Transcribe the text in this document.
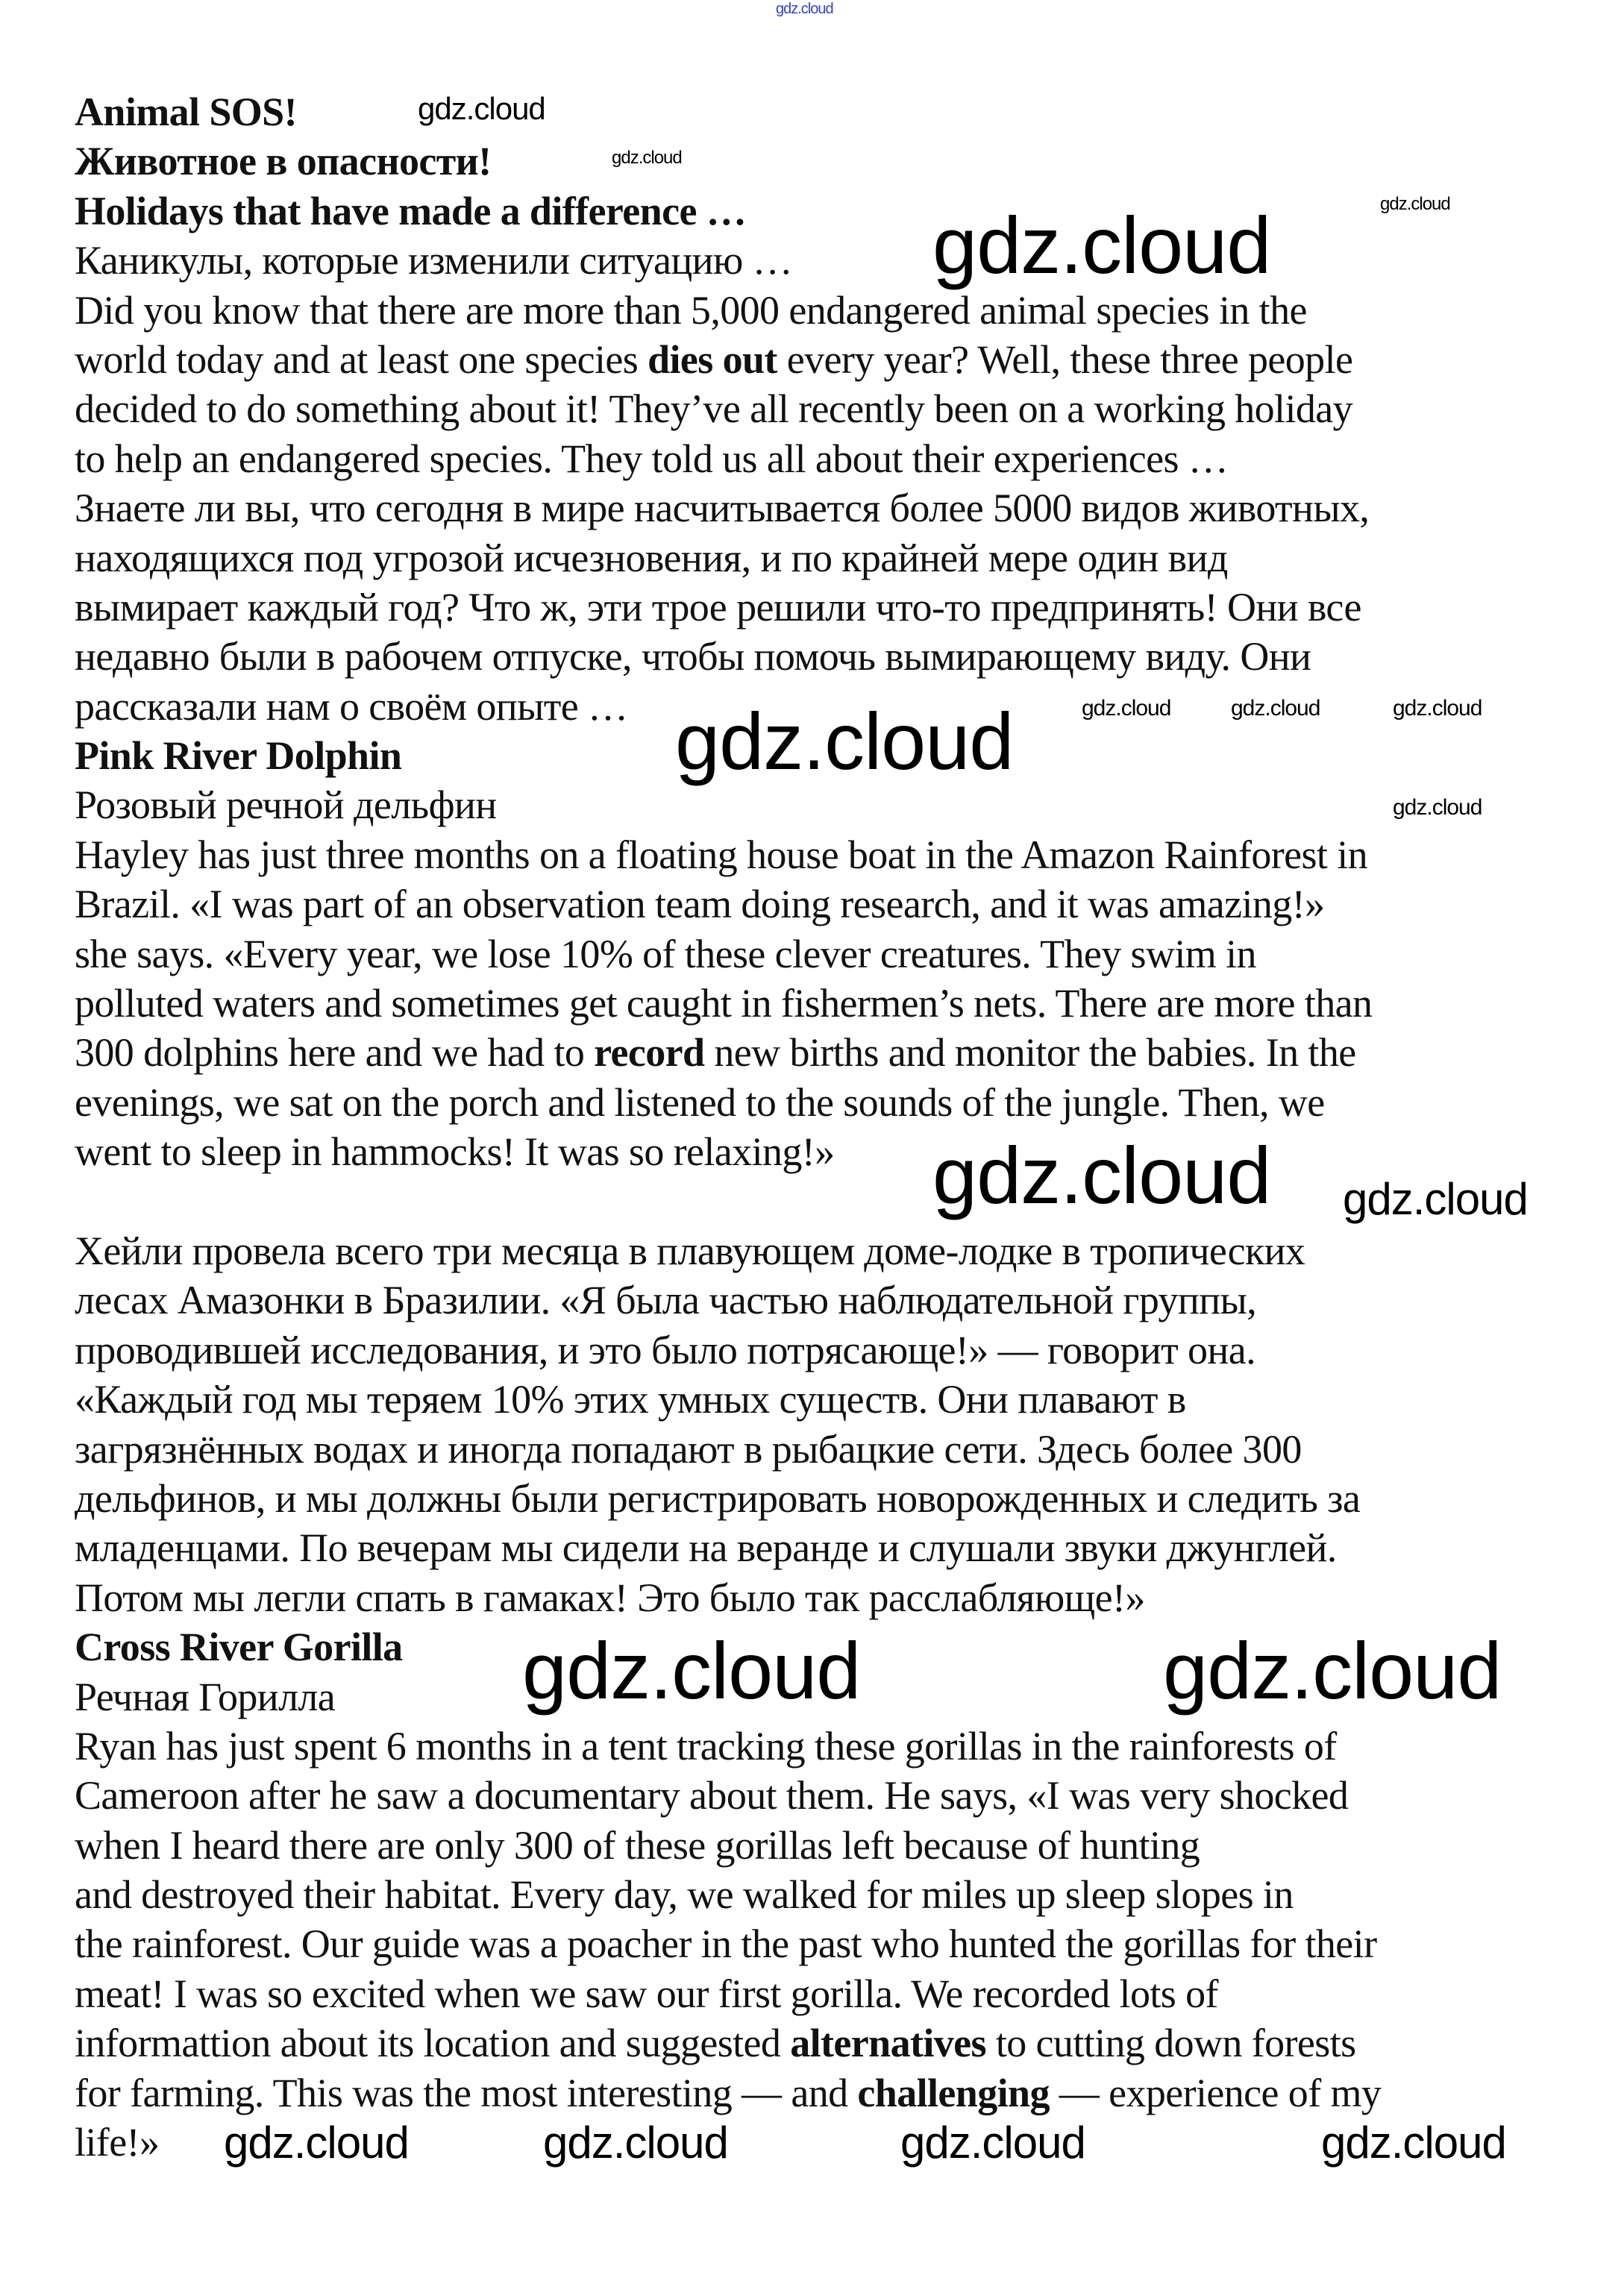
Animal SOS!
Животное в опасности!
Holidays that have made a difference …
Каникулы, которые изменили ситуацию …
Did you know that there are more than 5,000 endangered animal species in the
world today and at least one species dies out every year? Well, these three people
decided to do something about it! They’ve all recently been on a working holiday
to help an endangered species. They told us all about their experiences …
Знаете ли вы, что сегодня в мире насчитывается более 5000 видов животных,
находящихся под угрозой исчезновения, и по крайней мере один вид
вымирает каждый год? Что ж, эти трое решили что-то предпринять! Они все
недавно были в рабочем отпуске, чтобы помочь вымирающему виду. Они
рассказали нам о своём опыте …
Pink River Dolphin
Розовый речной дельфин
Hayley has just three months on a floating house boat in the Amazon Rainforest in
Brazil. «I was part of an observation team doing research, and it was amazing!»
she says. «Every year, we lose 10% of these clever creatures. They swim in
polluted waters and sometimes get caught in fishermen’s nets. There are more than
300 dolphins here and we had to record new births and monitor the babies. In the
evenings, we sat on the porch and listened to the sounds of the jungle. Then, we
went to sleep in hammocks! It was so relaxing!»
Хейли провела всего три месяца в плавующем доме-лодке в тропических
лесах Амазонки в Бразилии. «Я была частью наблюдательной группы,
проводившей исследования, и это было потрясающе!» — говорит она.
«Каждый год мы теряем 10% этих умных существ. Они плавают в
загрязнённых водах и иногда попадают в рыбацкие сети. Здесь более 300
дельфинов, и мы должны были регистрировать новорожденных и следить за
младенцами. По вечерам мы сидели на веранде и слушали звуки джунглей.
Потом мы легли спать в гамаках! Это было так расслабляюще!»
Cross River Gorilla
Речная Горилла
Ryan has just spent 6 months in a tent tracking these gorillas in the rainforests of
Cameroon after he saw a documentary about them. He says, «I was very shocked
when I heard there are only 300 of these gorillas left because of hunting
and destroyed their habitat. Every day, we walked for miles up sleep slopes in
the rainforest. Our guide was a poacher in the past who hunted the gorillas for their
meat! I was so excited when we saw our first gorilla. We recorded lots of
informattion about its location and suggested alternatives to cutting down forests
for farming. This was the most interesting — and challenging — experience of my
life!»
gdz.cloud
gdz.cloud
gdz.cloud
gdz.cloud	gdz.cloud
gdz.cloud	gdz.cloud	gdz.cloud
gdz.cloud
gdz.cloud
gdz.cloud gdz.cloud
gdz.cloud	gdz.cloud
gdz.cloud	gdz.cloud	gdz.cloud	gdz.cloud
